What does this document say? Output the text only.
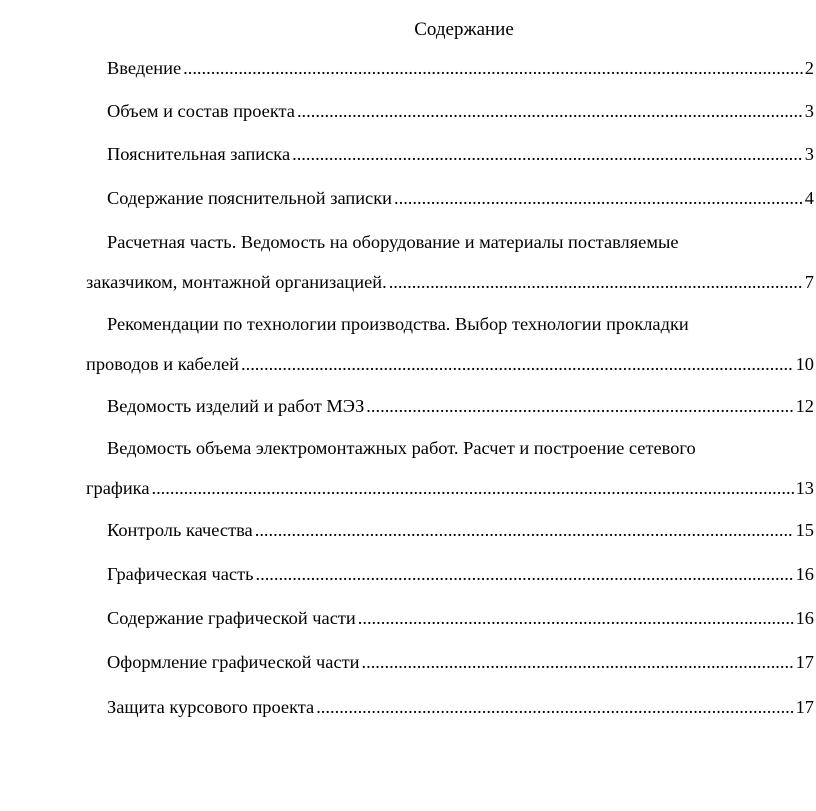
Содержание
Введение .....	2
Объем и состав проекта .....	3
Пояснительная записка .....	3
Содержание пояснительной записки .....	4
Расчетная часть. Ведомость на оборудование и материалы поставляемые
заказчиком, монтажной организацией. .....	7
Рекомендации по технологии производства. Выбор технологии прокладки
проводов и кабелей .....	10
Ведомость изделий и работ МЭЗ .....	12
Ведомость объема электромонтажных работ. Расчет и построение сетевого
графика .....	13
Контроль качества .....	15
Графическая часть .....	16
Содержание графической части .....	16
Оформление графической части .....	17
Защита курсового проекта .....	17
